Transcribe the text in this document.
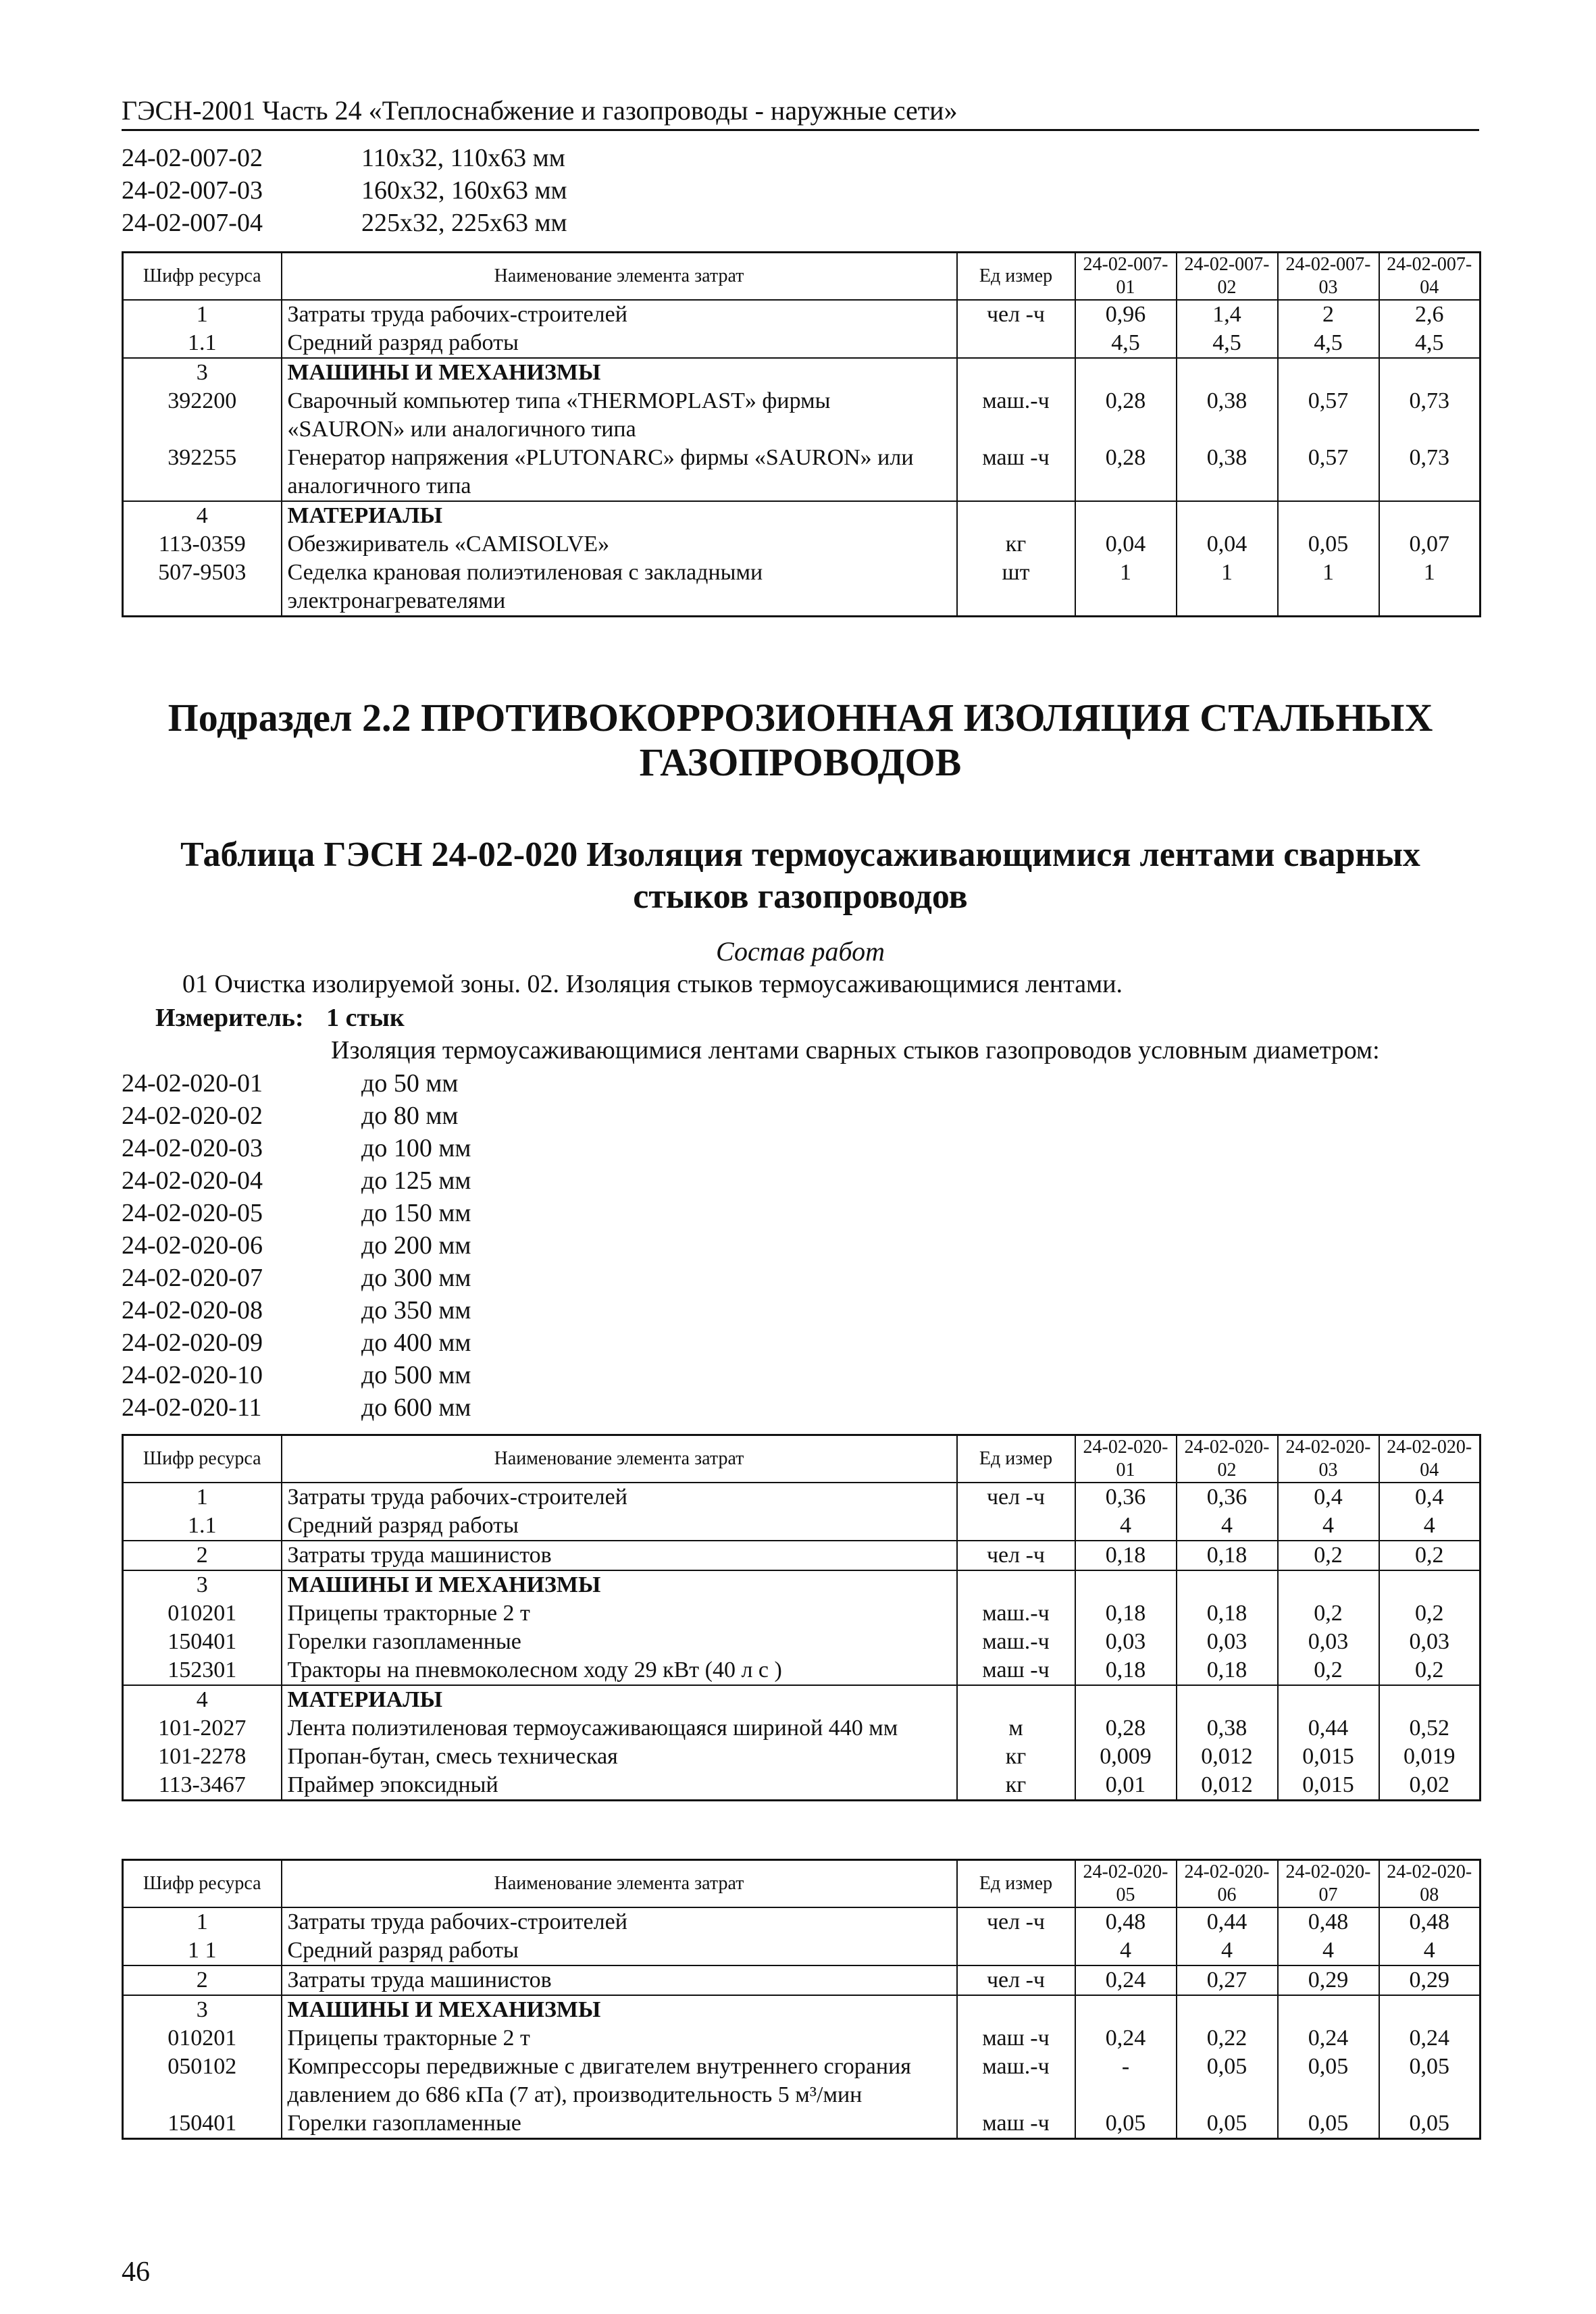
ГЭСН-2001 Часть 24 «Теплоснабжение и газопроводы - наружные сети»
24-02-007-02	110x32, 110x63 мм
24-02-007-03	160x32, 160x63 мм
24-02-007-04	225x32, 225x63 мм
Шифр ресурса	Наименование элемента затрат	Ед измер	24-02-007-01	24-02-007-02	24-02-007-03	24-02-007-04
1	Затраты труда рабочих-строителей	чел -ч	0,96	1,4	2	2,6
1.1	Средний разряд работы		4,5	4,5	4,5	4,5
3	МАШИНЫ И МЕХАНИЗМЫ					
392200	Сварочный компьютер типа «THERMOPLAST» фирмы «SAURON» или аналогичного типа	маш.-ч	0,28	0,38	0,57	0,73
392255	Генератор напряжения «PLUTONARC» фирмы «SAURON» или аналогичного типа	маш -ч	0,28	0,38	0,57	0,73
4	МАТЕРИАЛЫ					
113-0359	Обезжириватель «CAMISOLVE»	кг	0,04	0,04	0,05	0,07
507-9503	Седелка крановая полиэтиленовая с закладными электронагревателями	шт	1	1	1	1
Подраздел 2.2 ПРОТИВОКОРРОЗИОННАЯ ИЗОЛЯЦИЯ СТАЛЬНЫХ ГАЗОПРОВОДОВ
Таблица ГЭСН 24-02-020 Изоляция термоусаживающимися лентами сварных стыков газопроводов
Состав работ
01 Очистка изолируемой зоны. 02. Изоляция стыков термоусаживающимися лентами.
Измеритель: 1 стык
Изоляция термоусаживающимися лентами сварных стыков газопроводов условным диаметром:
24-02-020-01	до 50 мм
24-02-020-02	до 80 мм
24-02-020-03	до 100 мм
24-02-020-04	до 125 мм
24-02-020-05	до 150 мм
24-02-020-06	до 200 мм
24-02-020-07	до 300 мм
24-02-020-08	до 350 мм
24-02-020-09	до 400 мм
24-02-020-10	до 500 мм
24-02-020-11	до 600 мм
Шифр ресурса	Наименование элемента затрат	Ед измер	24-02-020-01	24-02-020-02	24-02-020-03	24-02-020-04
1	Затраты труда рабочих-строителей	чел -ч	0,36	0,36	0,4	0,4
1.1	Средний разряд работы		4	4	4	4
2	Затраты труда машинистов	чел -ч	0,18	0,18	0,2	0,2
3	МАШИНЫ И МЕХАНИЗМЫ					
010201	Прицепы тракторные 2 т	маш.-ч	0,18	0,18	0,2	0,2
150401	Горелки газопламенные	маш.-ч	0,03	0,03	0,03	0,03
152301	Тракторы на пневмоколесном ходу 29 кВт (40 л с )	маш -ч	0,18	0,18	0,2	0,2
4	МАТЕРИАЛЫ					
101-2027	Лента полиэтиленовая термоусаживающаяся шириной 440 мм	м	0,28	0,38	0,44	0,52
101-2278	Пропан-бутан, смесь техническая	кг	0,009	0,012	0,015	0,019
113-3467	Праймер эпоксидный	кг	0,01	0,012	0,015	0,02
Шифр ресурса	Наименование элемента затрат	Ед измер	24-02-020-05	24-02-020-06	24-02-020-07	24-02-020-08
1	Затраты труда рабочих-строителей	чел -ч	0,48	0,44	0,48	0,48
1 1	Средний разряд работы		4	4	4	4
2	Затраты труда машинистов	чел -ч	0,24	0,27	0,29	0,29
3	МАШИНЫ И МЕХАНИЗМЫ					
010201	Прицепы тракторные 2 т	маш -ч	0,24	0,22	0,24	0,24
050102	Компрессоры передвижные с двигателем внутреннего сгорания давлением до 686 кПа (7 ат), производительность 5 м³/мин	маш.-ч	-	0,05	0,05	0,05
150401	Горелки газопламенные	маш -ч	0,05	0,05	0,05	0,05
46
